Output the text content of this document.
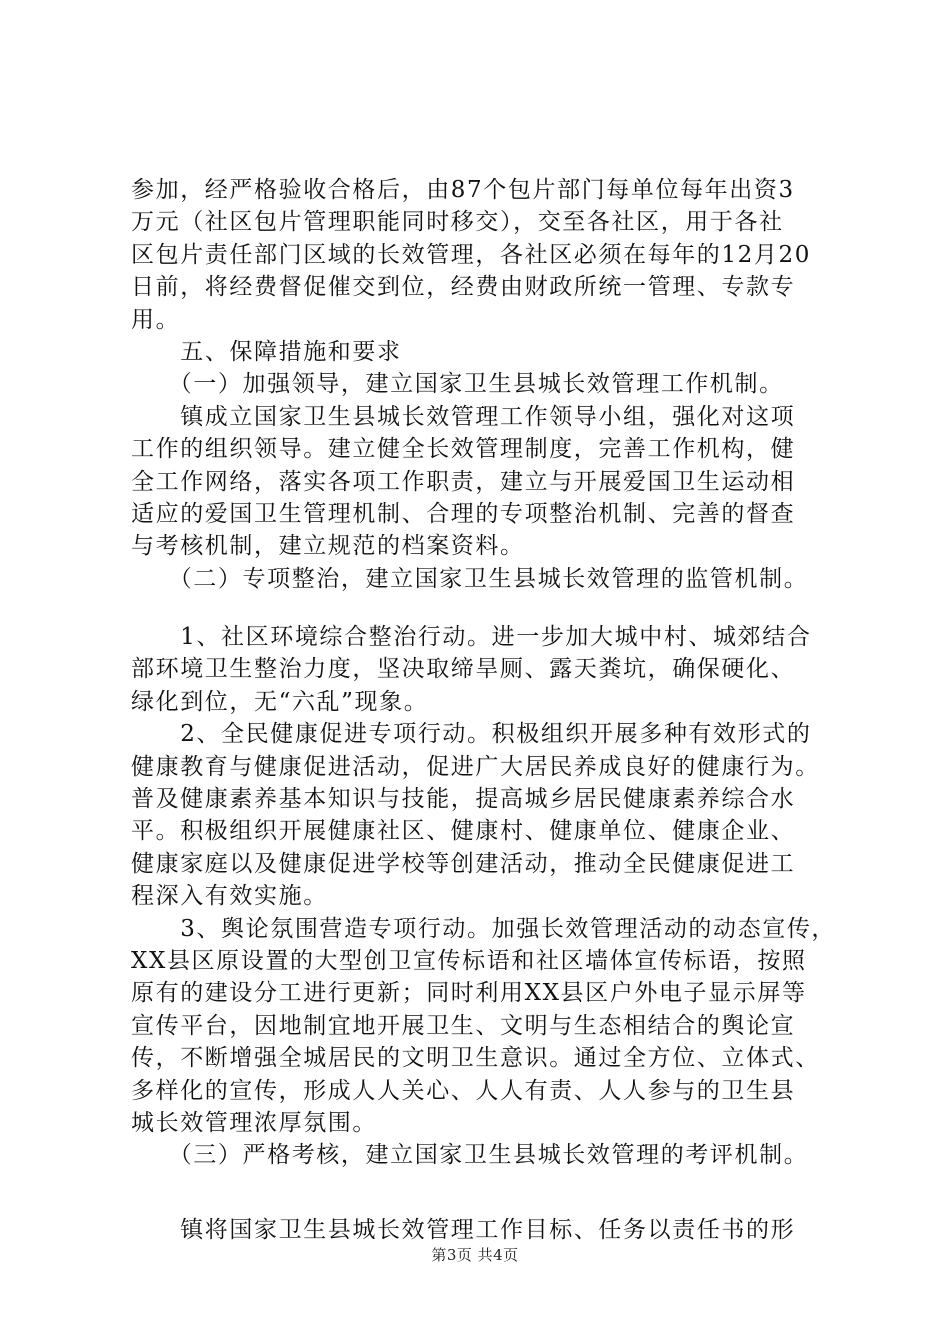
参加，经严格验收合格后，由87个包片部门每单位每年出资3
万元（社区包片管理职能同时移交），交至各社区，用于各社
区包片责任部门区域的长效管理，各社区必须在每年的12月20
日前，将经费督促催交到位，经费由财政所统一管理、专款专
用。
　　五、保障措施和要求
　　（一）加强领导，建立国家卫生县城长效管理工作机制。
　　镇成立国家卫生县城长效管理工作领导小组，强化对这项
工作的组织领导。建立健全长效管理制度，完善工作机构，健
全工作网络，落实各项工作职责，建立与开展爱国卫生运动相
适应的爱国卫生管理机制、合理的专项整治机制、完善的督查
与考核机制，建立规范的档案资料。
　　（二）专项整治，建立国家卫生县城长效管理的监管机制。
　　1、社区环境综合整治行动。进一步加大城中村、城郊结合
部环境卫生整治力度，坚决取缔旱厕、露天粪坑，确保硬化、
绿化到位，无“六乱”现象。
　　2、全民健康促进专项行动。积极组织开展多种有效形式的
健康教育与健康促进活动，促进广大居民养成良好的健康行为。
普及健康素养基本知识与技能，提高城乡居民健康素养综合水
平。积极组织开展健康社区、健康村、健康单位、健康企业、
健康家庭以及健康促进学校等创建活动，推动全民健康促进工
程深入有效实施。
　　3、舆论氛围营造专项行动。加强长效管理活动的动态宣传，
XX县区原设置的大型创卫宣传标语和社区墙体宣传标语，按照
原有的建设分工进行更新；同时利用XX县区户外电子显示屏等
宣传平台，因地制宜地开展卫生、文明与生态相结合的舆论宣
传，不断增强全城居民的文明卫生意识。通过全方位、立体式、
多样化的宣传，形成人人关心、人人有责、人人参与的卫生县
城长效管理浓厚氛围。
　　（三）严格考核，建立国家卫生县城长效管理的考评机制。
　　镇将国家卫生县城长效管理工作目标、任务以责任书的形
第3页 共4页
